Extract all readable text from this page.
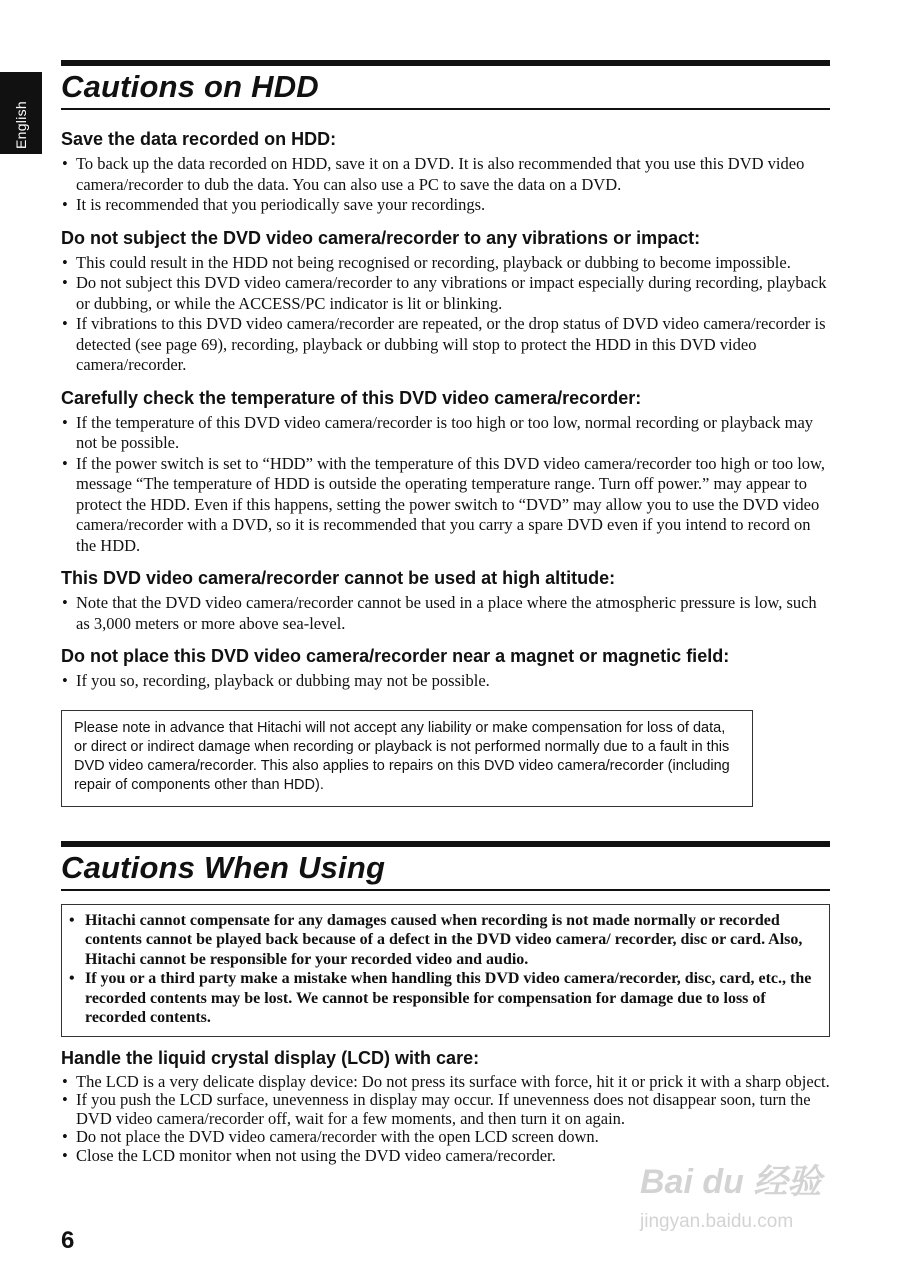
English
Cautions on HDD
Save the data recorded on HDD:
• To back up the data recorded on HDD, save it on a DVD. It is also recommended that you use this DVD video camera/recorder to dub the data. You can also use a PC to save the data on a DVD.
• It is recommended that you periodically save your recordings.
Do not subject the DVD video camera/recorder to any vibrations or impact:
• This could result in the HDD not being recognised or recording, playback or dubbing to become impossible.
• Do not subject this DVD video camera/recorder to any vibrations or impact especially during recording, playback or dubbing, or while the ACCESS/PC indicator is lit or blinking.
• If vibrations to this DVD video camera/recorder are repeated, or the drop status of DVD video camera/recorder is detected (see page 69), recording, playback or dubbing will stop to protect the HDD in this DVD video camera/recorder.
Carefully check the temperature of this DVD video camera/recorder:
• If the temperature of this DVD video camera/recorder is too high or too low, normal recording or playback may not be possible.
• If the power switch is set to “HDD” with the temperature of this DVD video camera/recorder too high or too low, message “The temperature of HDD is outside the operating temperature range. Turn off power.” may appear to protect the HDD. Even if this happens, setting the power switch to “DVD” may allow you to use the DVD video camera/recorder with a DVD, so it is recommended that you carry a spare DVD even if you intend to record on the HDD.
This DVD video camera/recorder cannot be used at high altitude:
• Note that the DVD video camera/recorder cannot be used in a place where the atmospheric pressure is low, such as 3,000 meters or more above sea-level.
Do not place this DVD video camera/recorder near a magnet or magnetic field:
• If you so, recording, playback or dubbing may not be possible.
Please note in advance that Hitachi will not accept any liability or make compensation for loss of data, or direct or indirect damage when recording or playback is not performed normally due to a fault in this DVD video camera/recorder. This also applies to repairs on this DVD video camera/recorder (including repair of components other than HDD).
Cautions When Using
• Hitachi cannot compensate for any damages caused when recording is not made normally or recorded contents cannot be played back because of a defect in the DVD video camera/ recorder, disc or card. Also, Hitachi cannot be responsible for your recorded video and audio.
• If you or a third party make a mistake when handling this DVD video camera/recorder, disc, card, etc., the recorded contents may be lost. We cannot be responsible for compensation for damage due to loss of recorded contents.
Handle the liquid crystal display (LCD) with care:
• The LCD is a very delicate display device: Do not press its surface with force, hit it or prick it with a sharp object.
• If you push the LCD surface, unevenness in display may occur. If unevenness does not disappear soon, turn the DVD video camera/recorder off, wait for a few moments, and then turn it on again.
• Do not place the DVD video camera/recorder with the open LCD screen down.
• Close the LCD monitor when not using the DVD video camera/recorder.
6
Bai du 经验
jingyan.baidu.com
